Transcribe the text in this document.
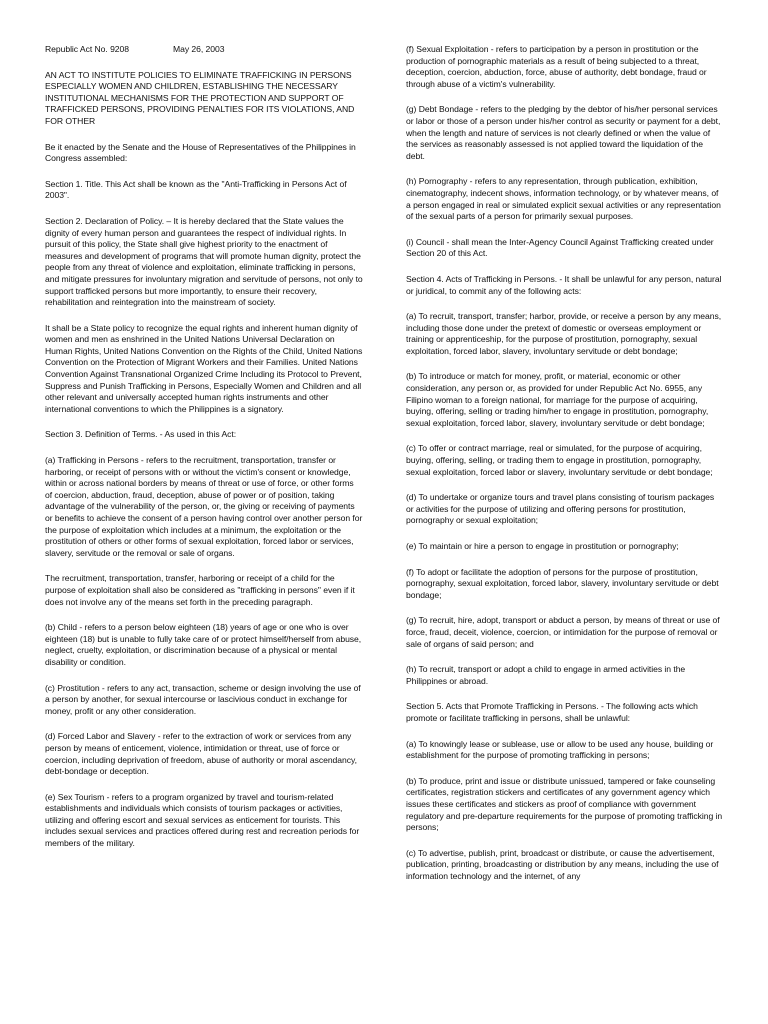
Republic Act No. 9208	May 26, 2003

AN ACT TO INSTITUTE POLICIES TO ELIMINATE TRAFFICKING IN PERSONS ESPECIALLY WOMEN AND CHILDREN, ESTABLISHING THE NECESSARY INSTITUTIONAL MECHANISMS FOR THE PROTECTION AND SUPPORT OF TRAFFICKED PERSONS, PROVIDING PENALTIES FOR ITS VIOLATIONS, AND FOR OTHER

Be it enacted by the Senate and the House of Representatives of the Philippines in Congress assembled:

Section 1. Title. This Act shall be known as the "Anti-Trafficking in Persons Act of 2003".

Section 2. Declaration of Policy. – It is hereby declared that the State values the dignity of every human person and guarantees the respect of individual rights. In pursuit of this policy, the State shall give highest priority to the enactment of measures and development of programs that will promote human dignity, protect the people from any threat of violence and exploitation, eliminate trafficking in persons, and mitigate pressures for involuntary migration and servitude of persons, not only to support trafficked persons but more importantly, to ensure their recovery, rehabilitation and reintegration into the mainstream of society.

It shall be a State policy to recognize the equal rights and inherent human dignity of women and men as enshrined in the United Nations Universal Declaration on Human Rights, United Nations Convention on the Rights of the Child, United Nations Convention on the Protection of Migrant Workers and their Families. United Nations Convention Against Transnational Organized Crime Including its Protocol to Prevent, Suppress and Punish Trafficking in Persons, Especially Women and Children and all other relevant and universally accepted human rights instruments and other international conventions to which the Philippines is a signatory.

Section 3. Definition of Terms. - As used in this Act:

(a) Trafficking in Persons - refers to the recruitment, transportation, transfer or harboring, or receipt of persons with or without the victim's consent or knowledge, within or across national borders by means of threat or use of force, or other forms of coercion, abduction, fraud, deception, abuse of power or of position, taking advantage of the vulnerability of the person, or, the giving or receiving of payments or benefits to achieve the consent of a person having control over another person for the purpose of exploitation which includes at a minimum, the exploitation or the prostitution of others or other forms of sexual exploitation, forced labor or services, slavery, servitude or the removal or sale of organs.

The recruitment, transportation, transfer, harboring or receipt of a child for the purpose of exploitation shall also be considered as "trafficking in persons" even if it does not involve any of the means set forth in the preceding paragraph.

(b) Child - refers to a person below eighteen (18) years of age or one who is over eighteen (18) but is unable to fully take care of or protect himself/herself from abuse, neglect, cruelty, exploitation, or discrimination because of a physical or mental disability or condition.

(c) Prostitution - refers to any act, transaction, scheme or design involving the use of a person by another, for sexual intercourse or lascivious conduct in exchange for money, profit or any other consideration.

(d) Forced Labor and Slavery - refer to the extraction of work or services from any person by means of enticement, violence, intimidation or threat, use of force or coercion, including deprivation of freedom, abuse of authority or moral ascendancy, debt-bondage or deception.

(e) Sex Tourism - refers to a program organized by travel and tourism-related establishments and individuals which consists of tourism packages or activities, utilizing and offering escort and sexual services as enticement for tourists. This includes sexual services and practices offered during rest and recreation periods for members of the military.

(f) Sexual Exploitation - refers to participation by a person in prostitution or the production of pornographic materials as a result of being subjected to a threat, deception, coercion, abduction, force, abuse of authority, debt bondage, fraud or through abuse of a victim's vulnerability.

(g) Debt Bondage - refers to the pledging by the debtor of his/her personal services or labor or those of a person under his/her control as security or payment for a debt, when the length and nature of services is not clearly defined or when the value of the services as reasonably assessed is not applied toward the liquidation of the debt.

(h) Pornography - refers to any representation, through publication, exhibition, cinematography, indecent shows, information technology, or by whatever means, of a person engaged in real or simulated explicit sexual activities or any representation of the sexual parts of a person for primarily sexual purposes.

(i) Council - shall mean the Inter-Agency Council Against Trafficking created under Section 20 of this Act.

Section 4. Acts of Trafficking in Persons. - It shall be unlawful for any person, natural or juridical, to commit any of the following acts:

(a) To recruit, transport, transfer; harbor, provide, or receive a person by any means, including those done under the pretext of domestic or overseas employment or training or apprenticeship, for the purpose of prostitution, pornography, sexual exploitation, forced labor, slavery, involuntary servitude or debt bondage;

(b) To introduce or match for money, profit, or material, economic or other consideration, any person or, as provided for under Republic Act No. 6955, any Filipino woman to a foreign national, for marriage for the purpose of acquiring, buying, offering, selling or trading him/her to engage in prostitution, pornography, sexual exploitation, forced labor, slavery, involuntary servitude or debt bondage;

(c) To offer or contract marriage, real or simulated, for the purpose of acquiring, buying, offering, selling, or trading them to engage in prostitution, pornography, sexual exploitation, forced labor or slavery, involuntary servitude or debt bondage;

(d) To undertake or organize tours and travel plans consisting of tourism packages or activities for the purpose of utilizing and offering persons for prostitution, pornography or sexual exploitation;

(e) To maintain or hire a person to engage in prostitution or pornography;

(f) To adopt or facilitate the adoption of persons for the purpose of prostitution, pornography, sexual exploitation, forced labor, slavery, involuntary servitude or debt bondage;

(g) To recruit, hire, adopt, transport or abduct a person, by means of threat or use of force, fraud, deceit, violence, coercion, or intimidation for the purpose of removal or sale of organs of said person; and

(h) To recruit, transport or adopt a child to engage in armed activities in the Philippines or abroad.

Section 5. Acts that Promote Trafficking in Persons. - The following acts which promote or facilitate trafficking in persons, shall be unlawful:

(a) To knowingly lease or sublease, use or allow to be used any house, building or establishment for the purpose of promoting trafficking in persons;

(b) To produce, print and issue or distribute unissued, tampered or fake counseling certificates, registration stickers and certificates of any government agency which issues these certificates and stickers as proof of compliance with government regulatory and pre-departure requirements for the purpose of promoting trafficking in persons;

(c) To advertise, publish, print, broadcast or distribute, or cause the advertisement, publication, printing, broadcasting or distribution by any means, including the use of information technology and the internet, of any
